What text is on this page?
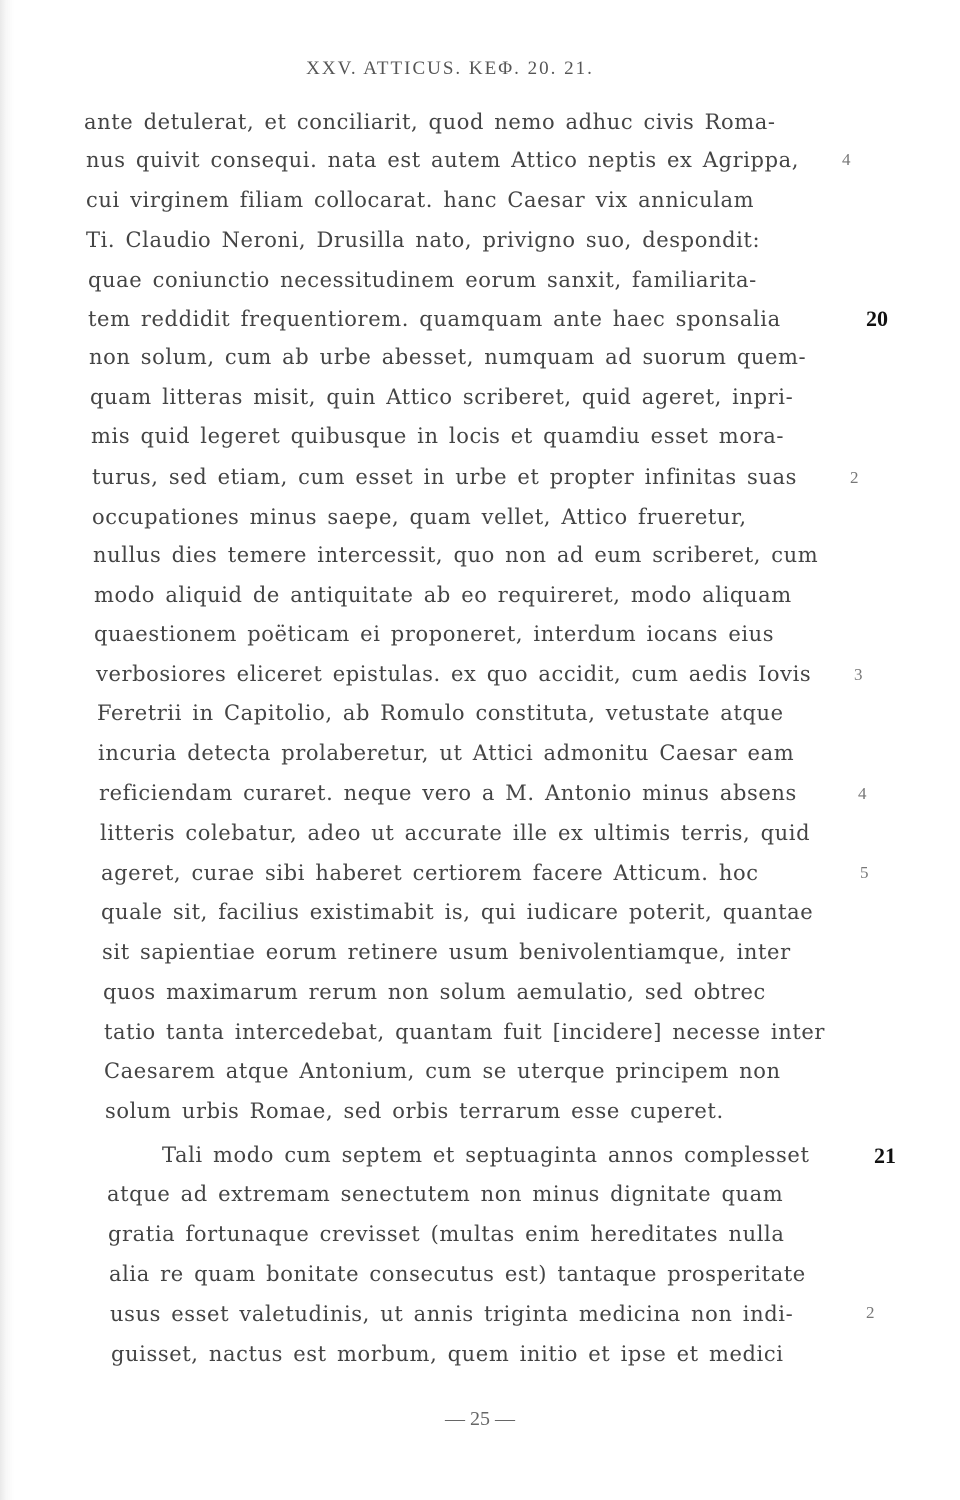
XXV. ATTICUS. ΚΕΦ. 20. 21.
ante detulerat, et conciliarit, quod nemo adhuc civis Roma-
nus quivit consequi. nata est autem Attico neptis ex Agrippa,
cui virginem filiam collocarat. hanc Caesar vix anniculam
Ti. Claudio Neroni, Drusilla nato, privigno suo, despondit:
quae coniunctio necessitudinem eorum sanxit, familiarita-
tem reddidit frequentiorem. quamquam ante haec sponsalia
non solum, cum ab urbe abesset, numquam ad suorum quem-
quam litteras misit, quin Attico scriberet, quid ageret, inpri-
mis quid legeret quibusque in locis et quamdiu esset mora-
turus, sed etiam, cum esset in urbe et propter infinitas suas
occupationes minus saepe, quam vellet, Attico frueretur,
nullus dies temere intercessit, quo non ad eum scriberet, cum
modo aliquid de antiquitate ab eo requireret, modo aliquam
quaestionem poëticam ei proponeret, interdum iocans eius
verbosiores eliceret epistulas. ex quo accidit, cum aedis Iovis
Feretrii in Capitolio, ab Romulo constituta, vetustate atque
incuria detecta prolaberetur, ut Attici admonitu Caesar eam
reficiendam curaret. neque vero a M. Antonio minus absens
litteris colebatur, adeo ut accurate ille ex ultimis terris, quid
ageret, curae sibi haberet certiorem facere Atticum. hoc
quale sit, facilius existimabit is, qui iudicare poterit, quantae
sit sapientiae eorum retinere usum benivolentiamque, inter
quos maximarum rerum non solum aemulatio, sed obtrec
tatio tanta intercedebat, quantam fuit [incidere] necesse inter
Caesarem atque Antonium, cum se uterque principem non
solum urbis Romae, sed orbis terrarum esse cuperet.
Tali modo cum septem et septuaginta annos complesset
atque ad extremam senectutem non minus dignitate quam
gratia fortunaque crevisset (multas enim hereditates nulla
alia re quam bonitate consecutus est) tantaque prosperitate
usus esset valetudinis, ut annis triginta medicina non indi-
guisset, nactus est morbum, quem initio et ipse et medici
4
2
3
4
5
2
20
21
— 25 —
